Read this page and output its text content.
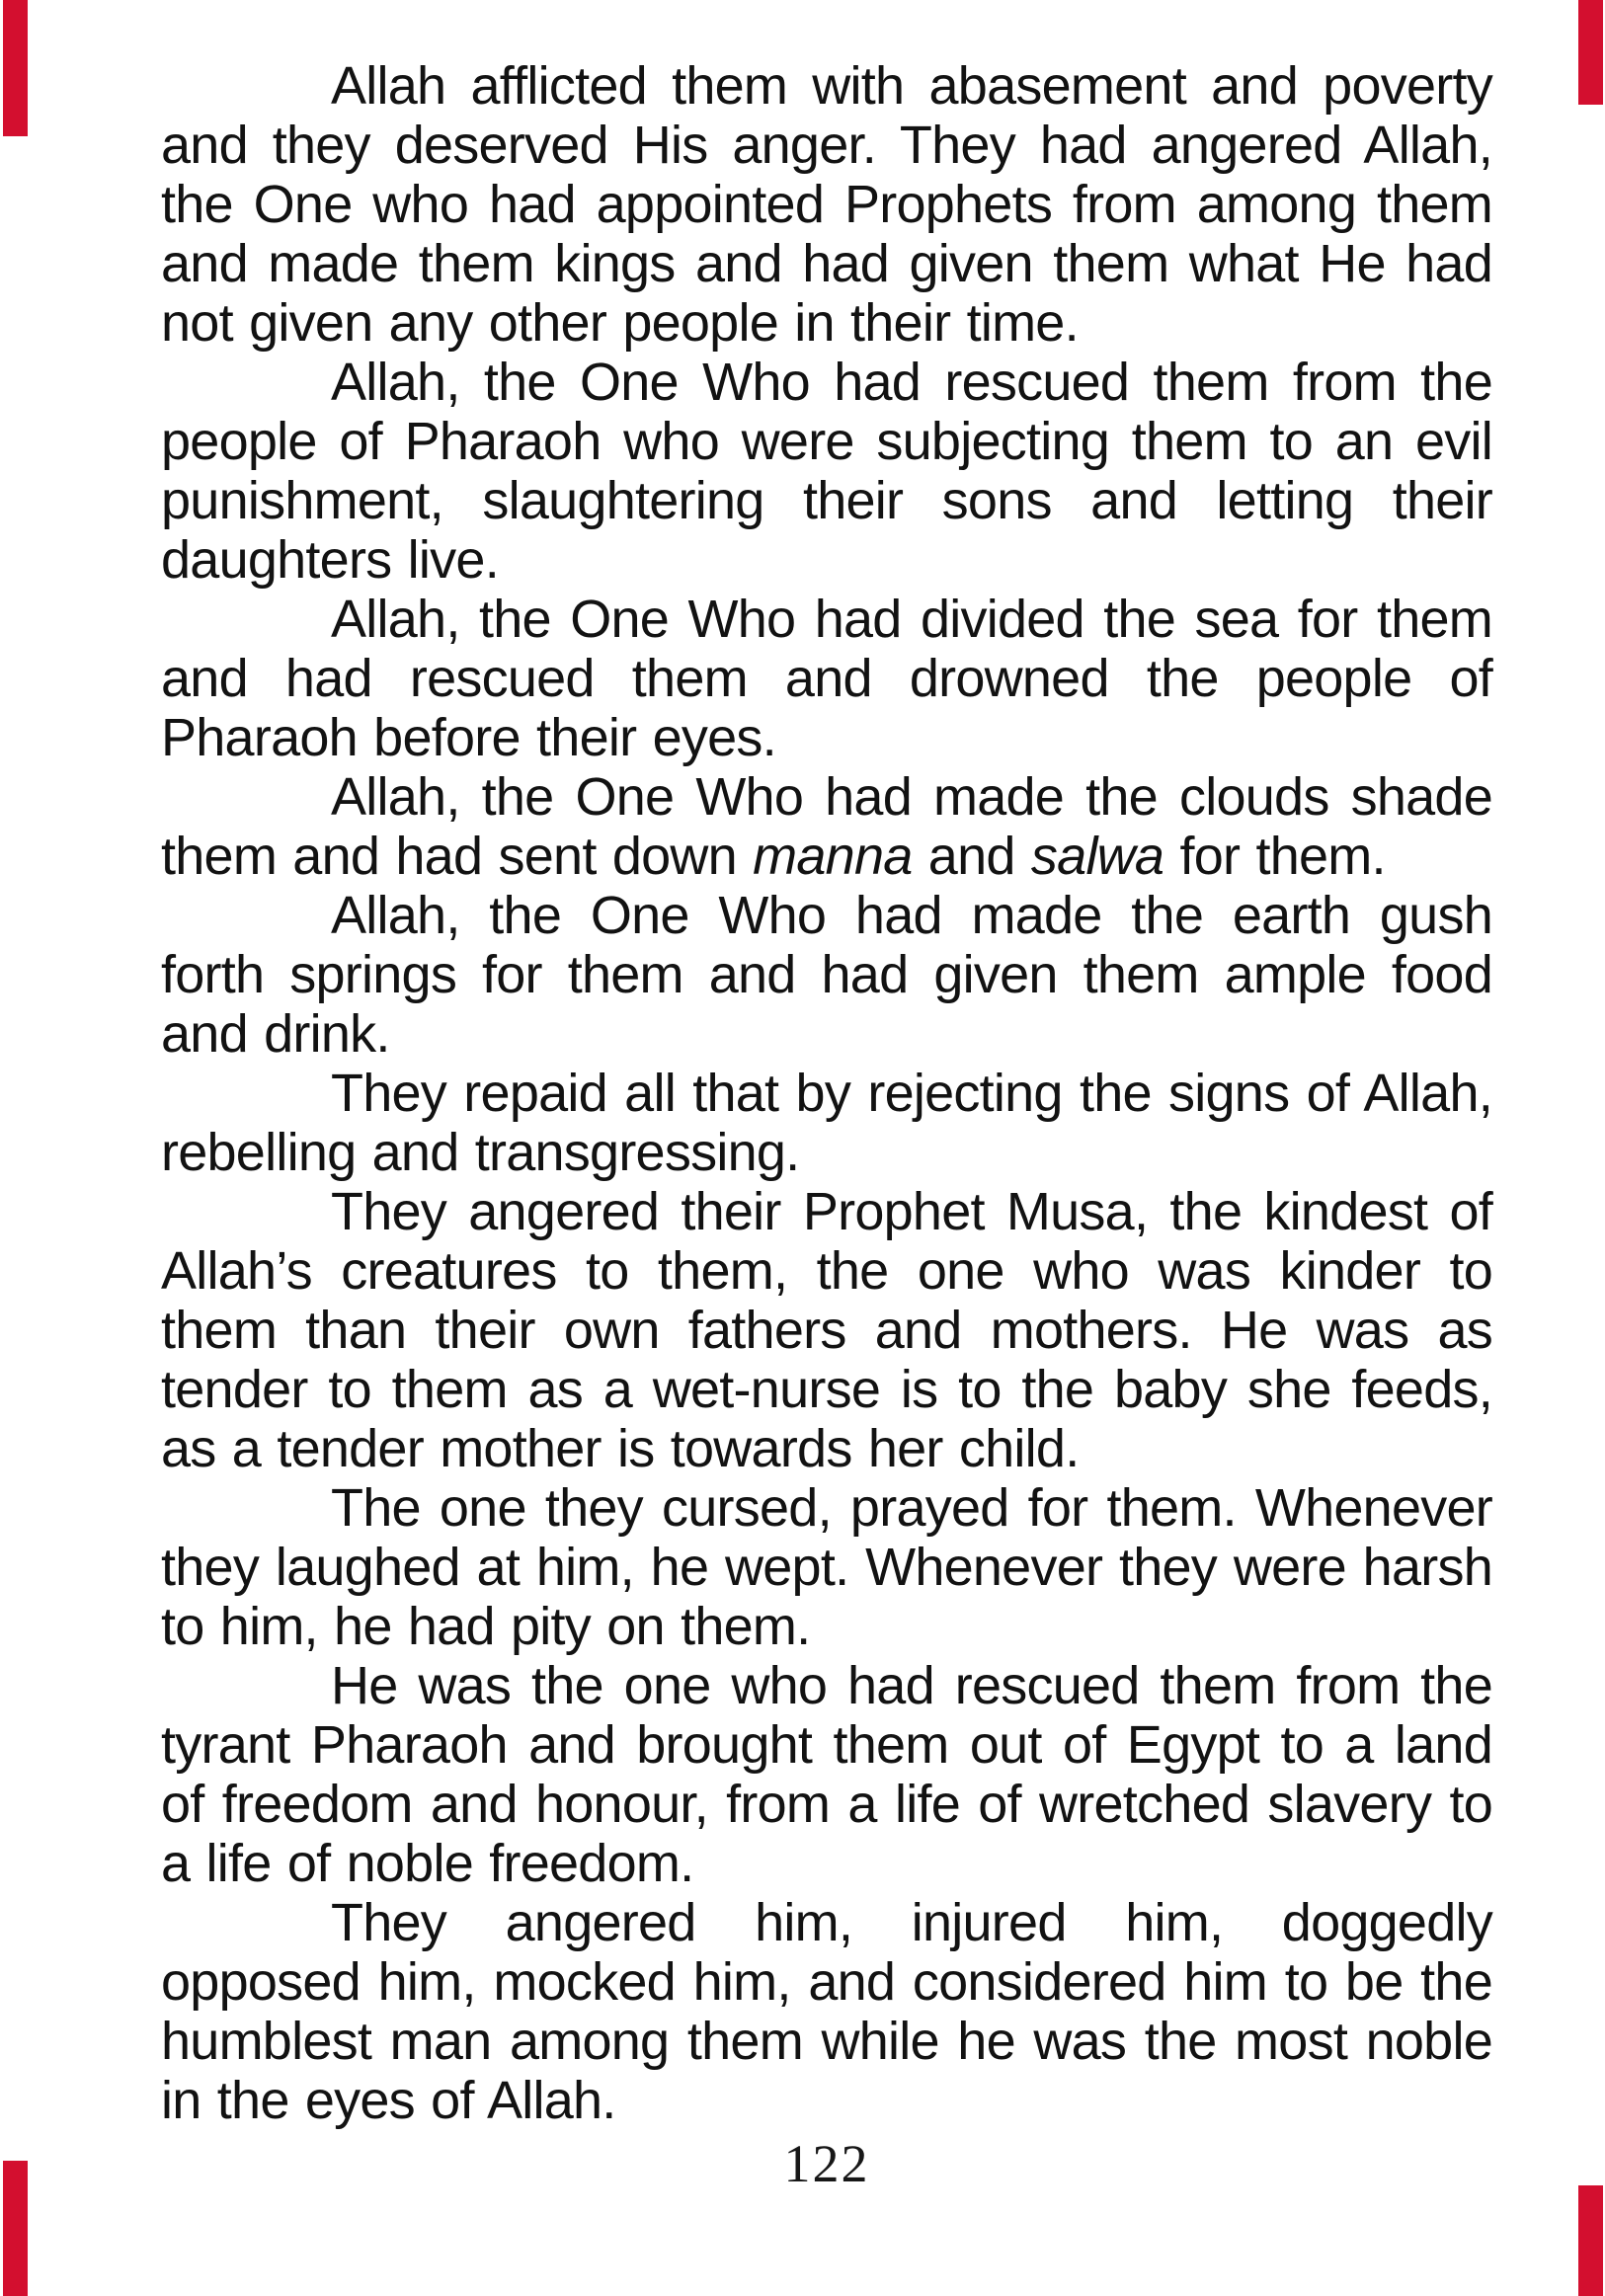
Allah afflicted them with abasement and poverty and they deserved His anger. They had angered Allah, the One who had appointed Prophets from among them and made them kings and had given them what He had not given any other people in their time.

Allah, the One Who had rescued them from the people of Pharaoh who were subjecting them to an evil punishment, slaughtering their sons and letting their daughters live.

Allah, the One Who had divided the sea for them and had rescued them and drowned the people of Pharaoh before their eyes.

Allah, the One Who had made the clouds shade them and had sent down manna and salwa for them.

Allah, the One Who had made the earth gush forth springs for them and had given them ample food and drink.

They repaid all that by rejecting the signs of Allah, rebelling and transgressing.

They angered their Prophet Musa, the kindest of Allah’s creatures to them, the one who was kinder to them than their own fathers and mothers. He was as tender to them as a wet-nurse is to the baby she feeds, as a tender mother is towards her child.

The one they cursed, prayed for them. Whenever they laughed at him, he wept. Whenever they were harsh to him, he had pity on them.

He was the one who had rescued them from the tyrant Pharaoh and brought them out of Egypt to a land of freedom and honour, from a life of wretched slavery to a life of noble freedom.

They angered him, injured him, doggedly opposed him, mocked him, and considered him to be the humblest man among them while he was the most noble in the eyes of Allah.

122
